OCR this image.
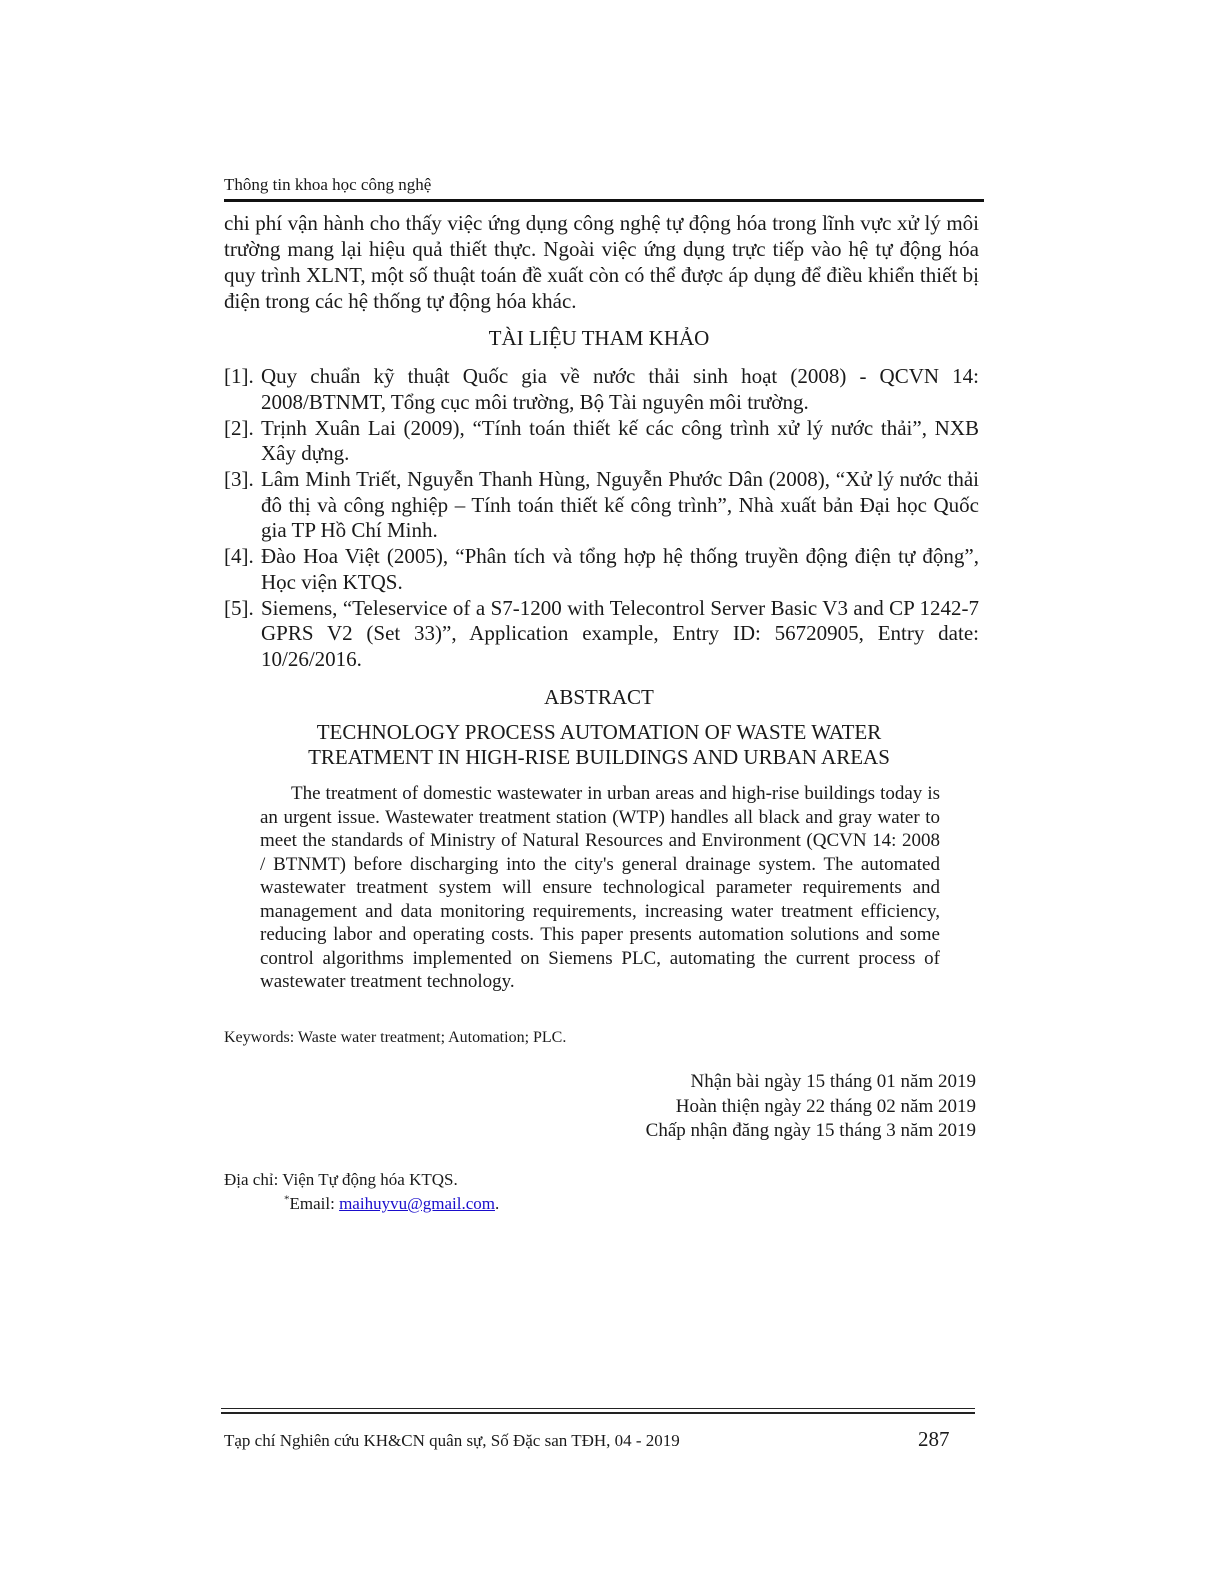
Thông tin khoa học công nghệ

chi phí vận hành cho thấy việc ứng dụng công nghệ tự động hóa trong lĩnh vực xử lý môi trường mang lại hiệu quả thiết thực. Ngoài việc ứng dụng trực tiếp vào hệ tự động hóa quy trình XLNT, một số thuật toán đề xuất còn có thể được áp dụng để điều khiển thiết bị điện trong các hệ thống tự động hóa khác.

TÀI LIỆU THAM KHẢO
[1]. Quy chuẩn kỹ thuật Quốc gia về nước thải sinh hoạt (2008) - QCVN 14: 2008/BTNMT, Tổng cục môi trường, Bộ Tài nguyên môi trường.
[2]. Trịnh Xuân Lai (2009), “Tính toán thiết kế các công trình xử lý nước thải”, NXB Xây dựng.
[3]. Lâm Minh Triết, Nguyễn Thanh Hùng, Nguyễn Phước Dân (2008), “Xử lý nước thải đô thị và công nghiệp – Tính toán thiết kế công trình”, Nhà xuất bản Đại học Quốc gia TP Hồ Chí Minh.
[4]. Đào Hoa Việt (2005), “Phân tích và tổng hợp hệ thống truyền động điện tự động”, Học viện KTQS.
[5]. Siemens, “Teleservice of a S7-1200 with Telecontrol Server Basic V3 and CP 1242-7 GPRS V2 (Set 33)”, Application example, Entry ID: 56720905, Entry date: 10/26/2016.
ABSTRACT
TECHNOLOGY PROCESS AUTOMATION OF WASTE WATER
TREATMENT IN HIGH-RISE BUILDINGS AND URBAN AREAS

The treatment of domestic wastewater in urban areas and high-rise buildings today is an urgent issue. Wastewater treatment station (WTP) handles all black and gray water to meet the standards of Ministry of Natural Resources and Environment (QCVN 14: 2008 / BTNMT) before discharging into the city's general drainage system. The automated wastewater treatment system will ensure technological parameter requirements and management and data monitoring requirements, increasing water treatment efficiency, reducing labor and operating costs. This paper presents automation solutions and some control algorithms implemented on Siemens PLC, automating the current process of wastewater treatment technology.

Keywords: Waste water treatment; Automation; PLC.

Nhận bài ngày 15 tháng 01 năm 2019
Hoàn thiện ngày 22 tháng 02 năm 2019
Chấp nhận đăng ngày 15 tháng 3 năm 2019

Địa chỉ: Viện Tự động hóa KTQS.

*Email: maihuyvu@gmail.com.

Tạp chí Nghiên cứu KH&CN quân sự, Số Đặc san TĐH, 04 - 2019	287
